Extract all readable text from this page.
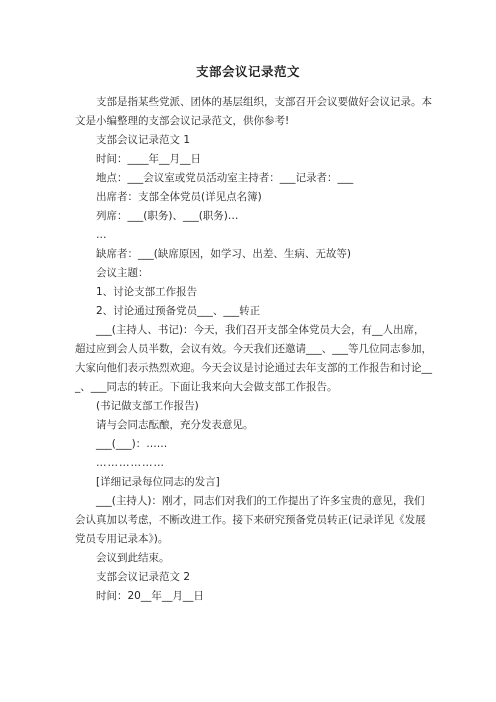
支部会议记录范文

支部是指某些党派、团体的基层组织，支部召开会议要做好会议记录。本文是小编整理的支部会议记录范文，供你参考!

支部会议记录范文 1

时间：____年__月__日

地点：___会议室或党员活动室主持者：___记录者：___

出席者：支部全体党员(详见点名簿)

列席：___(职务)、___(职务)…

…

缺席者：___(缺席原因，如学习、出差、生病、无故等)

会议主题：

1、讨论支部工作报告

2、讨论通过预备党员___、___转正

___(主持人、书记)：今天，我们召开支部全体党员大会，有__人出席，超过应到会人员半数，会议有效。今天我们还邀请___、___等几位同志参加，大家向他们表示热烈欢迎。今天会议是讨论通过去年支部的工作报告和讨论___、___同志的转正。下面让我来向大会做支部工作报告。

(书记做支部工作报告)

请与会同志酝酿，充分发表意见。

___(___)：……

………………

[详细记录每位同志的发言]

___(主持人)：刚才，同志们对我们的工作提出了许多宝贵的意见，我们会认真加以考虑，不断改进工作。接下来研究预备党员转正(记录详见《发展党员专用记录本》)。

会议到此结束。

支部会议记录范文 2

时间：20__年__月__日
